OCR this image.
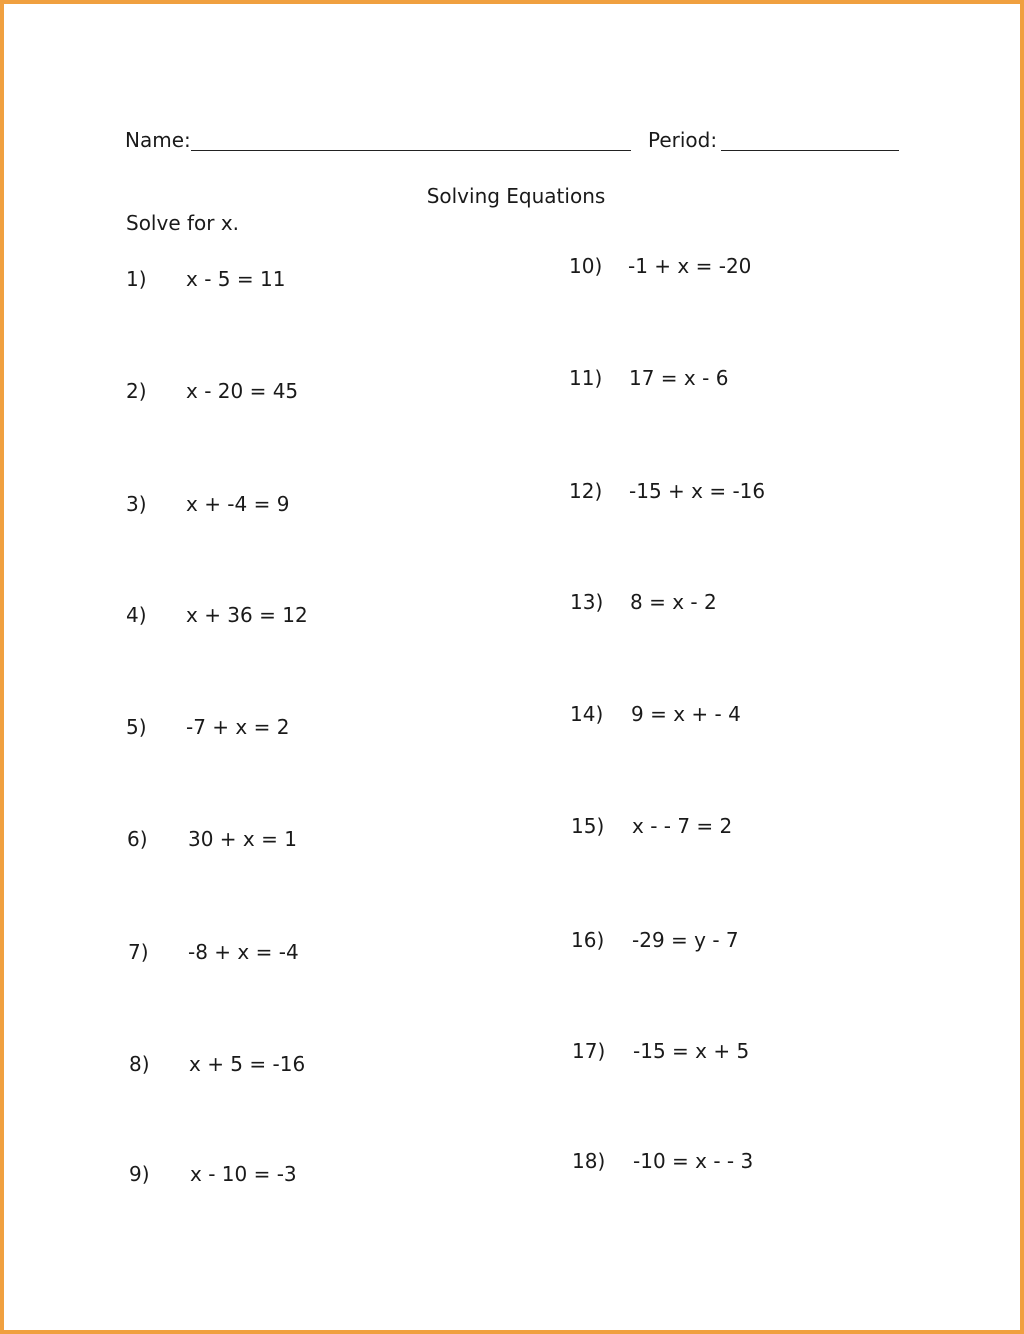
Name:	Period:
Solving Equations
Solve for x.

1)

x - 5 = 11

2)

x - 20 = 45

3)

x + -4 = 9

4)

x + 36 = 12

5)

-7 + x = 2

6)

30 + x = 1

7)

-8 + x = -4

8)

x + 5 = -16

9)

x - 10 = -3

10)

-1 + x = -20

11)

17 = x - 6

12)

-15 + x = -16

13)

8 = x - 2

14)

9 = x + - 4

15)

x - - 7 = 2

16)

-29 = y - 7

17)

-15 = x + 5

18)

-10 = x - - 3
